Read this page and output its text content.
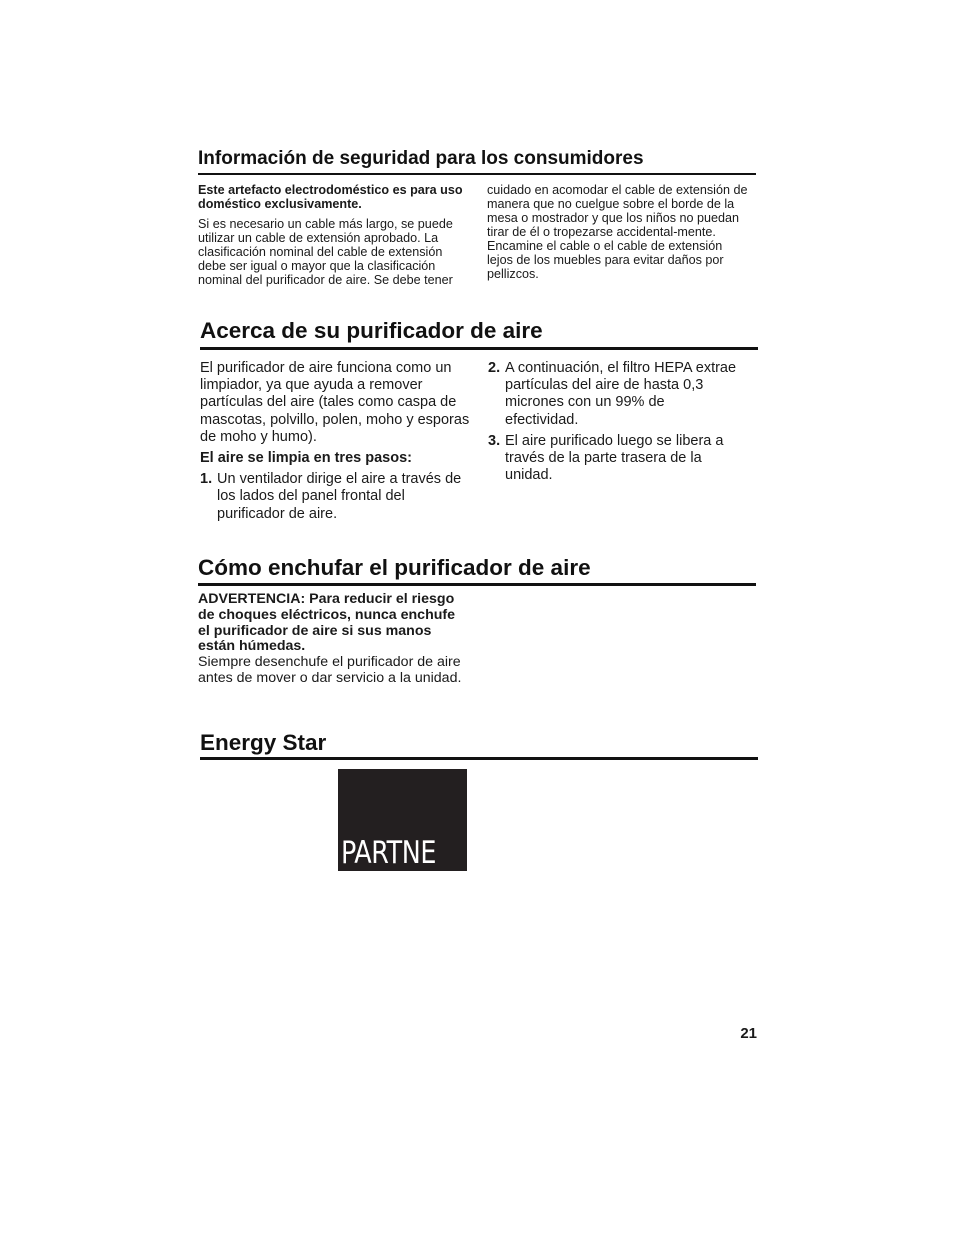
Información de seguridad para los consumidores

Este artefacto electrodoméstico es para uso doméstico exclusivamente.

Si es necesario un cable más largo, se puede utilizar un cable de extensión aprobado. La clasificación nominal del cable de extensión debe ser igual o mayor que la clasificación nominal del purificador de aire. Se debe tener

cuidado en acomodar el cable de extensión de manera que no cuelgue sobre el borde de la mesa o mostrador y que los niños no puedan tirar de él o tropezarse accidental-mente. Encamine el cable o el cable de extensión lejos de los muebles para evitar daños por pellizcos.

Acerca de su purificador de aire

El purificador de aire funciona como un limpiador, ya que ayuda a remover partículas del aire (tales como caspa de mascotas, polvillo, polen, moho y esporas de moho y humo).

El aire se limpia en tres pasos:

1. Un ventilador dirige el aire a través de los lados del panel frontal del purificador de aire.
2. A continuación, el filtro HEPA extrae partículas del aire de hasta 0,3 micrones con un 99% de efectividad.
3. El aire purificado luego se libera a través de la parte trasera de la unidad.
Cómo enchufar el purificador de aire

ADVERTENCIA: Para reducir el riesgo de choques eléctricos, nunca enchufe el purificador de aire si sus manos están húmedas.

Siempre desenchufe el purificador de aire antes de mover o dar servicio a la unidad.

Energy Star
PARTNE
21
